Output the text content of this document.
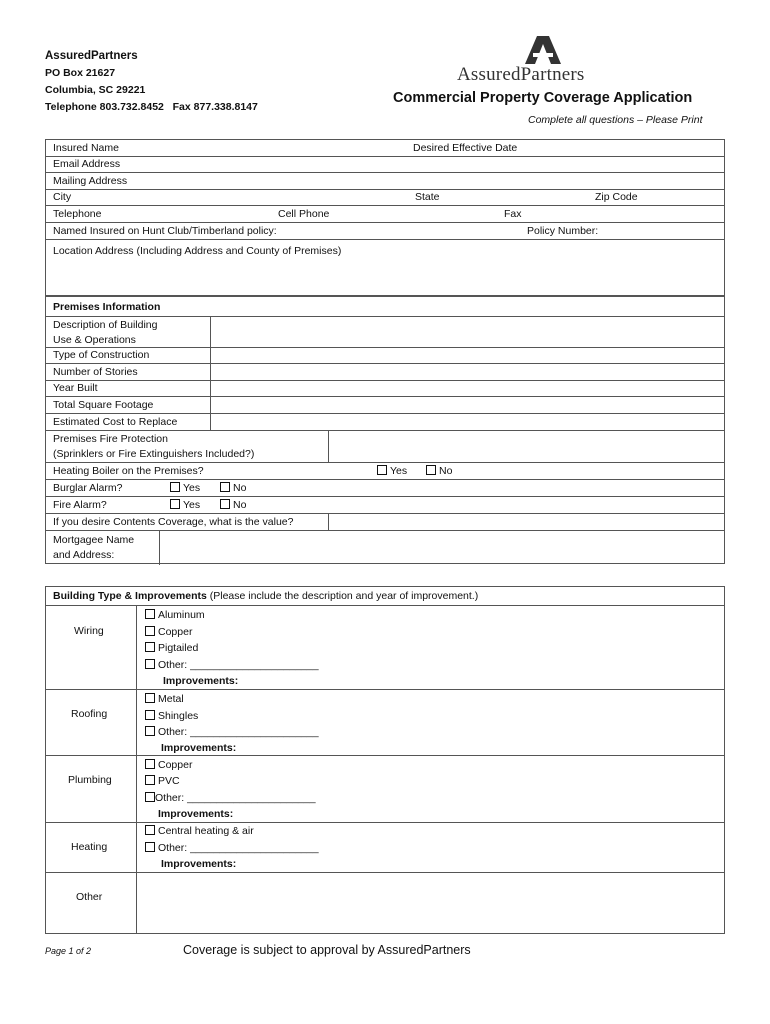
AssuredPartners
PO Box 21627
Columbia, SC 29221
Telephone 803.732.8452   Fax 877.338.8147
AssuredPartners
Commercial Property Coverage Application
Complete all questions – Please Print
Insured Name	Desired Effective Date
Email Address
Mailing Address
City	State	Zip Code
Telephone	Cell Phone	Fax
Named Insured on Hunt Club/Timberland policy:	Policy Number:
Location Address (Including Address and County of Premises)
Premises Information
Description of Building
Use & Operations
Type of Construction
Number of Stories
Year Built
Total Square Footage
Estimated Cost to Replace
Premises Fire Protection
(Sprinklers or Fire Extinguishers Included?)
Heating Boiler on the Premises?	Yes	No
Burglar Alarm?	Yes	No
Fire Alarm?	Yes	No
If you desire Contents Coverage, what is the value?
Mortgagee Name
and Address:
Building Type & Improvements (Please include the description and year of improvement.)
Wiring
Aluminum
Copper
Pigtailed
Other: ______________________
Improvements:
Roofing
Metal
Shingles
Other: ______________________
Improvements:
Plumbing
Copper
PVC
Other: ______________________
Improvements:
Heating
Central heating & air
Other: ______________________
Improvements:
Other
Page 1 of 2	Coverage is subject to approval by AssuredPartners
